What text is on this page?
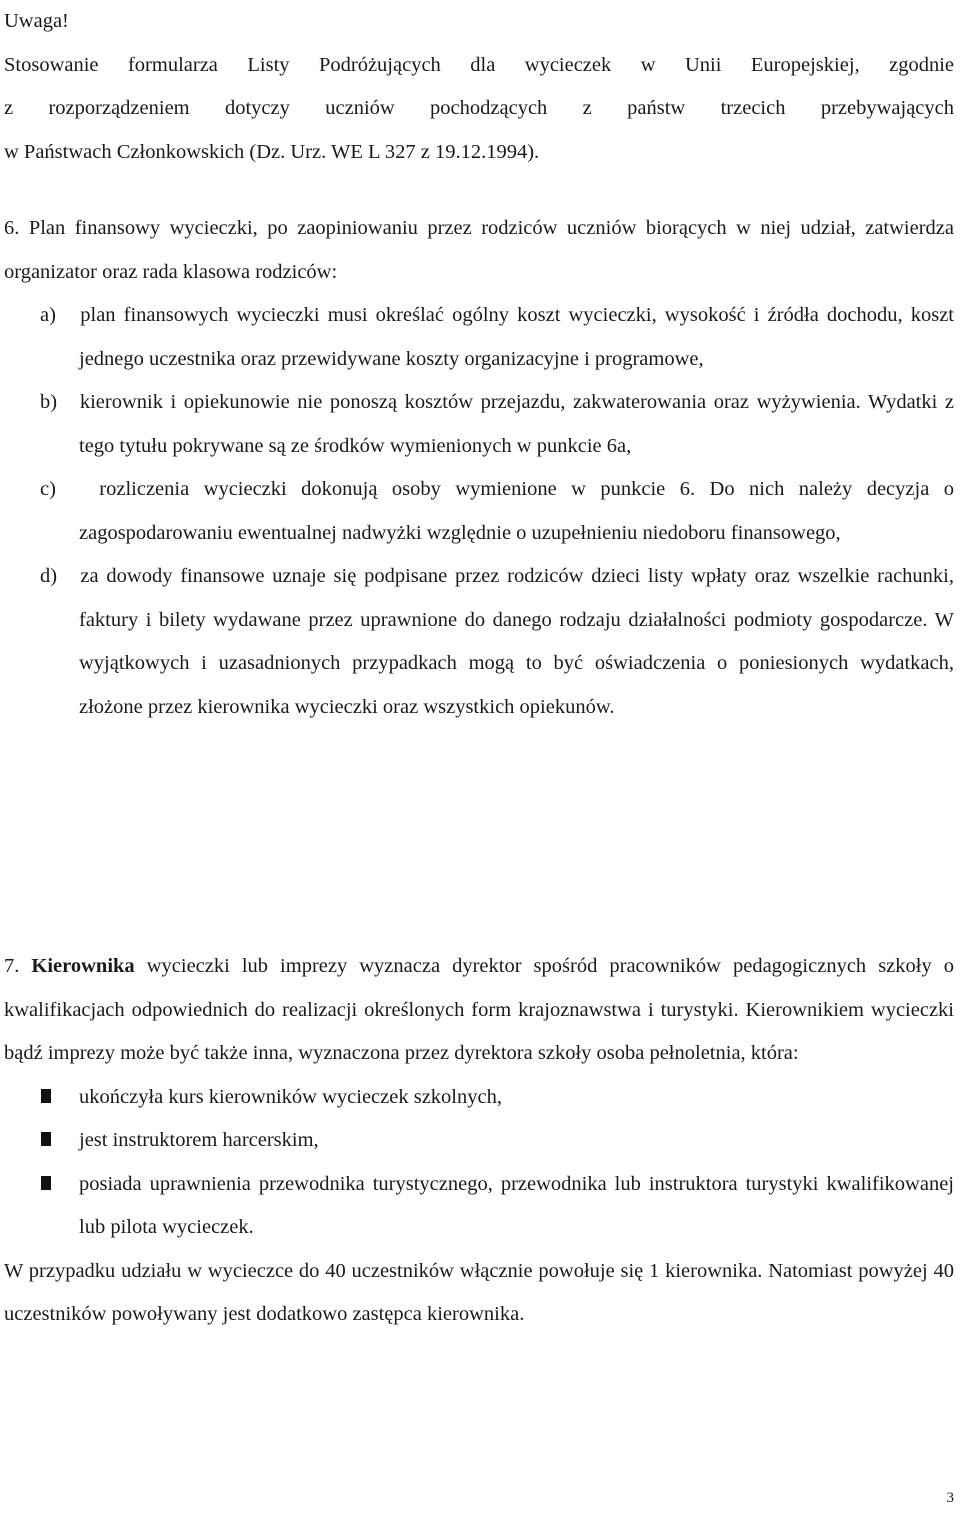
Uwaga!
Stosowanie formularza Listy Podróżujących dla wycieczek w Unii Europejskiej, zgodnie
z rozporządzeniem dotyczy uczniów pochodzących z państw trzecich przebywających
w Państwach Członkowskich (Dz. Urz. WE L 327 z 19.12.1994).

6. Plan finansowy wycieczki, po zaopiniowaniu przez rodziców uczniów biorących w niej udział, zatwierdza organizator oraz rada klasowa rodziców:

a) plan finansowych wycieczki musi określać ogólny koszt wycieczki, wysokość i źródła dochodu, koszt jednego uczestnika oraz przewidywane koszty organizacyjne i programowe,

b) kierownik i opiekunowie nie ponoszą kosztów przejazdu, zakwaterowania oraz wyżywienia. Wydatki z tego tytułu pokrywane są ze środków wymienionych w punkcie 6a,

c) rozliczenia wycieczki dokonują osoby wymienione w punkcie 6. Do nich należy decyzja o zagospodarowaniu ewentualnej nadwyżki względnie o uzupełnieniu niedoboru finansowego,

d) za dowody finansowe uznaje się podpisane przez rodziców dzieci listy wpłaty oraz wszelkie rachunki, faktury i bilety wydawane przez uprawnione do danego rodzaju działalności podmioty gospodarcze. W wyjątkowych i uzasadnionych przypadkach mogą to być oświadczenia o poniesionych wydatkach, złożone przez kierownika wycieczki oraz wszystkich opiekunów.

7. Kierownika wycieczki lub imprezy wyznacza dyrektor spośród pracowników pedagogicznych szkoły o kwalifikacjach odpowiednich do realizacji określonych form krajoznawstwa i turystyki. Kierownikiem wycieczki bądź imprezy może być także inna, wyznaczona przez dyrektora szkoły osoba pełnoletnia, która:

ukończyła kurs kierowników wycieczek szkolnych,

jest instruktorem harcerskim,

posiada uprawnienia przewodnika turystycznego, przewodnika lub instruktora turystyki kwalifikowanej lub pilota wycieczek.

W przypadku udziału w wycieczce do 40 uczestników włącznie powołuje się 1 kierownika. Natomiast powyżej 40 uczestników powoływany jest dodatkowo zastępca kierownika.

3
